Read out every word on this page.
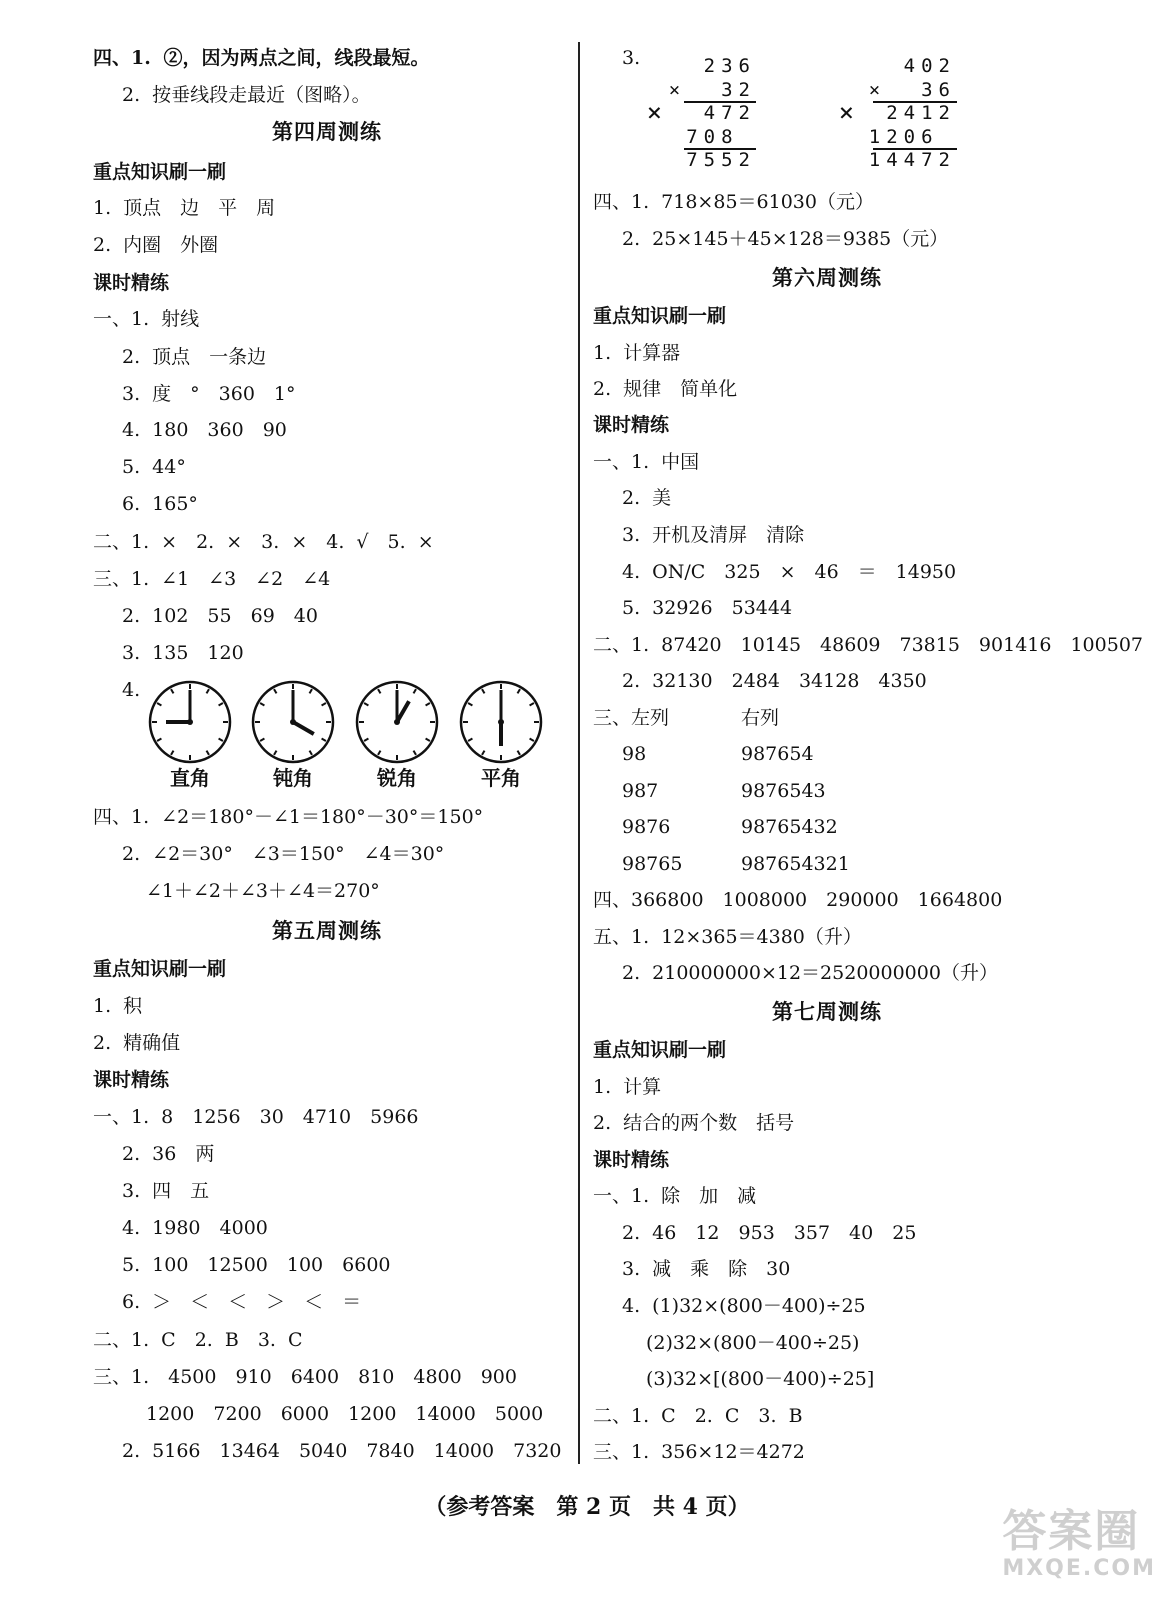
四、1. ②，因为两点之间，线段最短。
2. 按垂线段走最近（图略）。
第四周测练
重点知识刷一刷
1. 顶点　边　平　周
2. 内圈　外圈
课时精练
一、1. 射线
2. 顶点　一条边
3. 度　°　360　1°
4. 180　360　90
5. 44°
6. 165°
二、1. ×　2. ×　3. ×　4. √　5. ×
三、1. ∠1　∠3　∠2　∠4
2. 102　55　69　40
3. 135　120
4.
直角	钝角	锐角	平角
四、1. ∠2＝180°－∠1＝180°－30°＝150°
2. ∠2＝30°　∠3＝150°　∠4＝30°
∠1＋∠2＋∠3＋∠4＝270°
第五周测练
重点知识刷一刷
1. 积
2. 精确值
课时精练
一、1. 8　1256　30　4710　5966
2. 36　两
3. 四　五
4. 1980　4000
5. 100　12500　100　6600
6. ＞　＜　＜　＞　＜　＝
二、1. C　2. B　3. C
三、1.　4500　910　6400　810　4800　900
1200　7200　6000　1200　14000　5000
2. 5166　13464　5040　7840　14000　7320
3.
×
236
×  32
472
708
7552
×
402
×  36
2412
1206
14472
四、1. 718×85＝61030（元）
2. 25×145＋45×128＝9385（元）
第六周测练
重点知识刷一刷
1. 计算器
2. 规律　简单化
课时精练
一、1. 中国
2. 美
3. 开机及清屏　清除
4. ON/C　325　×　46　＝　14950
5. 32926　53444
二、1. 87420　10145　48609　73815　901416　100507
2. 32130　2484　34128　4350
三、左列	右列
98	987654
987	9876543
9876	98765432
98765	987654321
四、366800　1008000　290000　1664800
五、1. 12×365＝4380（升）
2. 210000000×12＝2520000000（升）
第七周测练
重点知识刷一刷
1. 计算
2. 结合的两个数　括号
课时精练
一、1. 除　加　减
2. 46　12　953　357　40　25
3. 减　乘　除　30
4. (1)32×(800－400)÷25
(2)32×(800－400÷25)
(3)32×[(800－400)÷25]
二、1. C　2. C　3. B
三、1. 356×12＝4272
（参考答案　第 2 页　共 4 页）	答案圈
MXQE.COM
